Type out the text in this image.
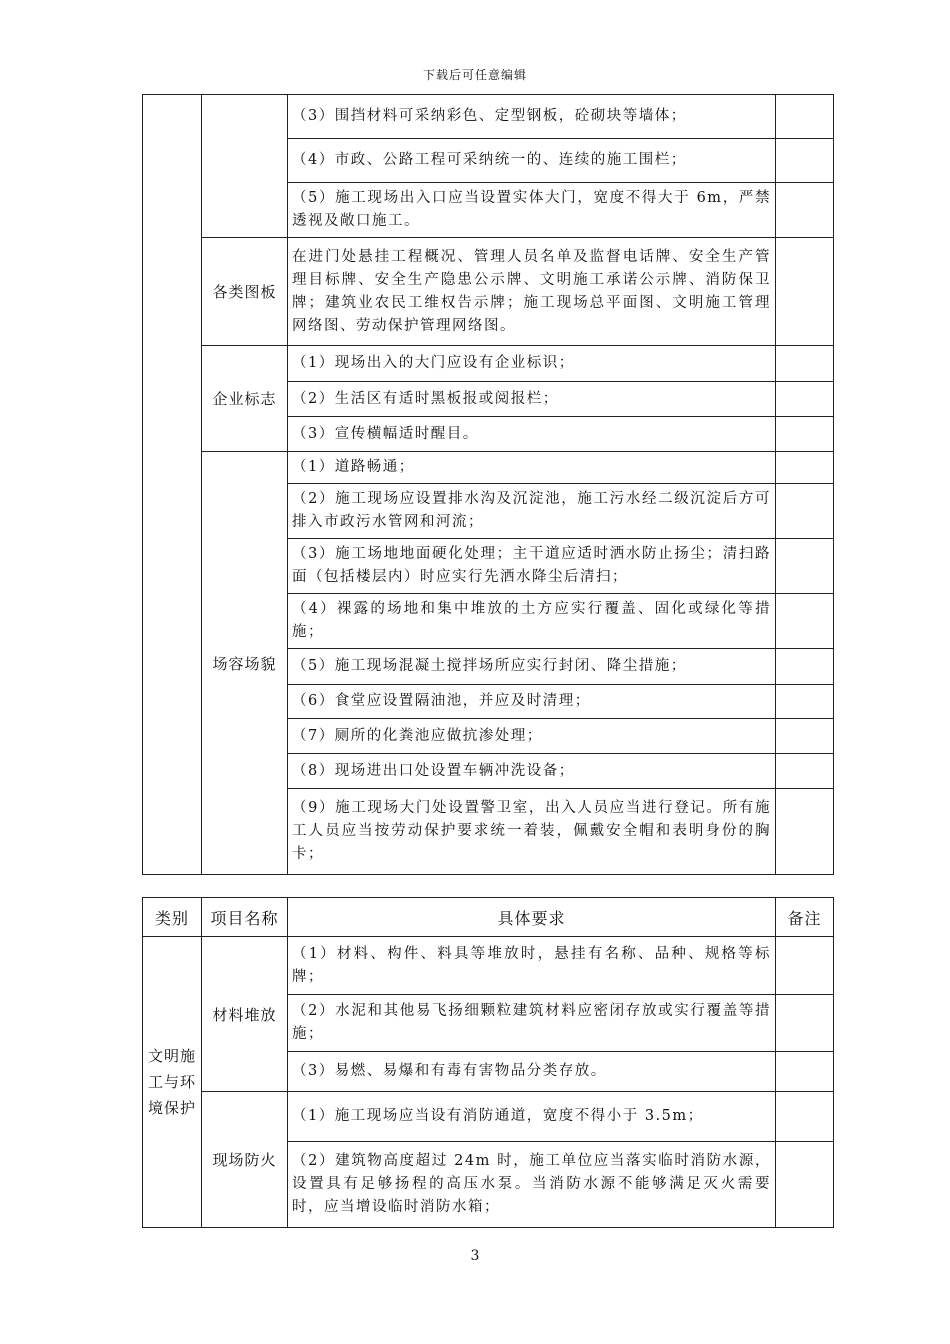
下载后可任意编辑
		（3）围挡材料可采纳彩色、定型钢板，砼砌块等墙体；	
		（4）市政、公路工程可采纳统一的、连续的施工围栏；	
		（5）施工现场出入口应当设置实体大门，宽度不得大于 6m，严禁透视及敞口施工。	
	各类图板	在进门处悬挂工程概况、管理人员名单及监督电话牌、安全生产管理目标牌、安全生产隐患公示牌、文明施工承诺公示牌、消防保卫牌；建筑业农民工维权告示牌；施工现场总平面图、文明施工管理网络图、劳动保护管理网络图。	
	企业标志	（1）现场出入的大门应设有企业标识；	
		（2）生活区有适时黑板报或阅报栏；	
		（3）宣传横幅适时醒目。	
	场容场貌	（1）道路畅通；	
		（2）施工现场应设置排水沟及沉淀池，施工污水经二级沉淀后方可排入市政污水管网和河流；	
		（3）施工场地地面硬化处理；主干道应适时洒水防止扬尘；清扫路面（包括楼层内）时应实行先洒水降尘后清扫；	
		（4）裸露的场地和集中堆放的土方应实行覆盖、固化或绿化等措施；	
		（5）施工现场混凝土搅拌场所应实行封闭、降尘措施；	
		（6）食堂应设置隔油池，并应及时清理；	
		（7）厕所的化粪池应做抗渗处理；	
		（8）现场进出口处设置车辆冲洗设备；	
		（9）施工现场大门处设置警卫室，出入人员应当进行登记。所有施工人员应当按劳动保护要求统一着装，佩戴安全帽和表明身份的胸卡；	
类别	项目名称	具体要求	备注
文明施工与环境保护	材料堆放	（1）材料、构件、料具等堆放时，悬挂有名称、品种、规格等标牌；	
		（2）水泥和其他易飞扬细颗粒建筑材料应密闭存放或实行覆盖等措施；	
		（3）易燃、易爆和有毒有害物品分类存放。	
	现场防火	（1）施工现场应当设有消防通道，宽度不得小于 3.5m；	
		（2）建筑物高度超过 24m 时，施工单位应当落实临时消防水源，设置具有足够扬程的高压水泵。当消防水源不能够满足灭火需要时，应当增设临时消防水箱；	
3
